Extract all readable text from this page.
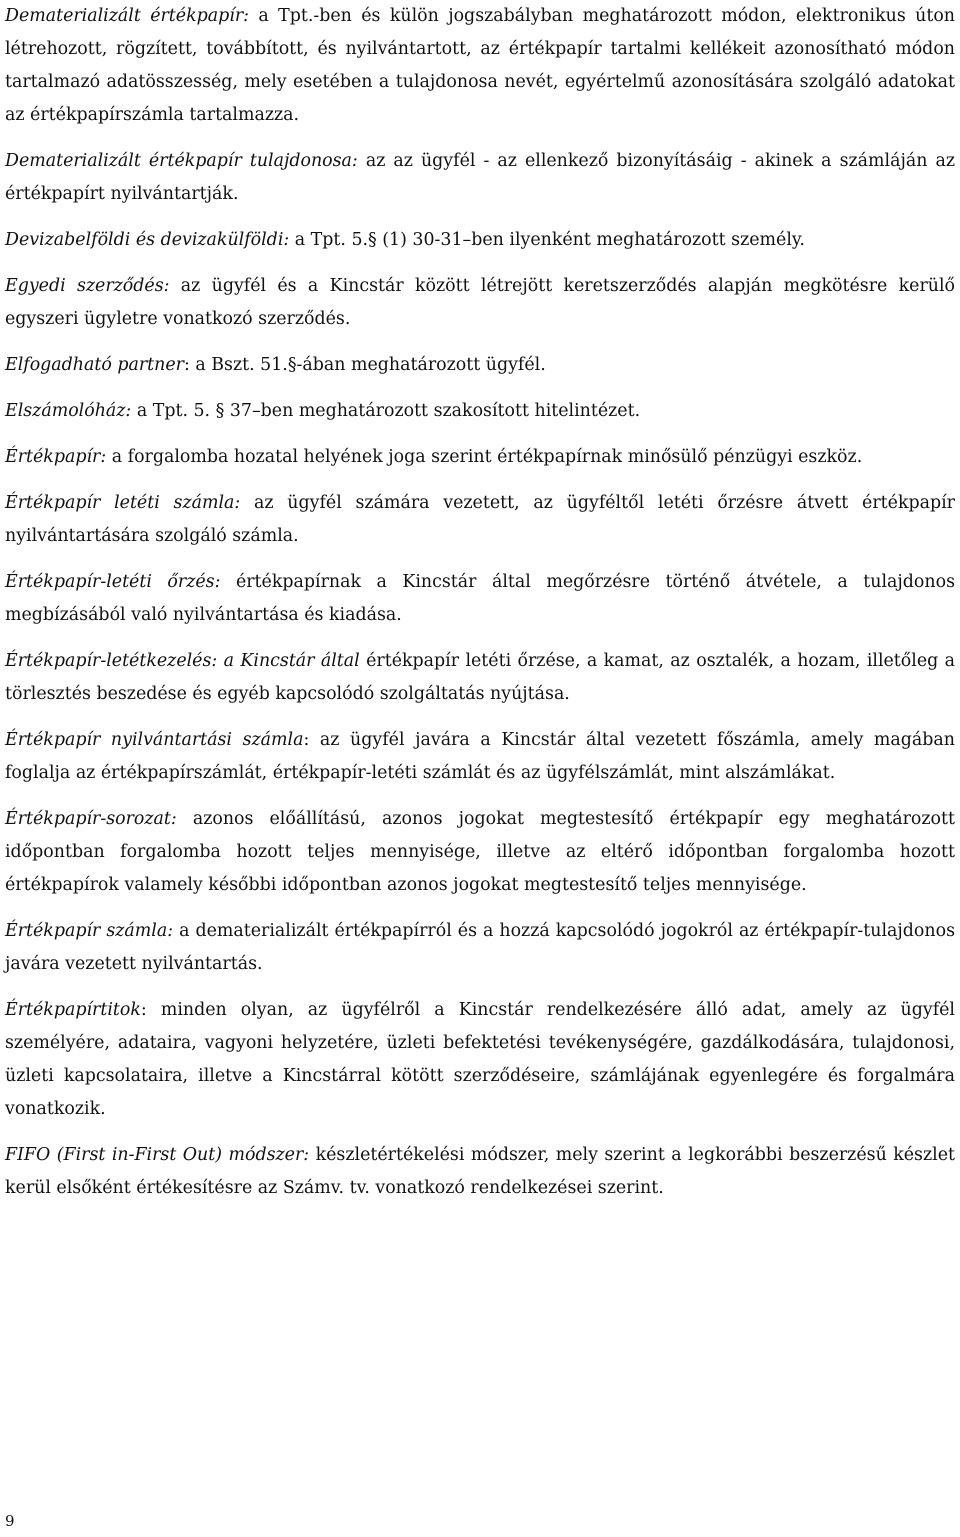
Dematerializált értékpapír: a Tpt.-ben és külön jogszabályban meghatározott módon, elektronikus úton létrehozott, rögzített, továbbított, és nyilvántartott, az értékpapír tartalmi kellékeit azonosítható módon tartalmazó adatösszesség, mely esetében a tulajdonosa nevét, egyértelmű azonosítására szolgáló adatokat az értékpapírszámla tartalmazza.

Dematerializált értékpapír tulajdonosa: az az ügyfél - az ellenkező bizonyításáig - akinek a számláján az értékpapírt nyilvántartják.

Devizabelföldi és devizakülföldi: a Tpt. 5.§ (1) 30-31–ben ilyenként meghatározott személy.

Egyedi szerződés: az ügyfél és a Kincstár között létrejött keretszerződés alapján megkötésre kerülő egyszeri ügyletre vonatkozó szerződés.

Elfogadható partner: a Bszt. 51.§-ában meghatározott ügyfél.

Elszámolóház: a Tpt. 5. § 37–ben meghatározott szakosított hitelintézet.

Értékpapír: a forgalomba hozatal helyének joga szerint értékpapírnak minősülő pénzügyi eszköz.

Értékpapír letéti számla: az ügyfél számára vezetett, az ügyféltől letéti őrzésre átvett értékpapír nyilvántartására szolgáló számla.

Értékpapír-letéti őrzés: értékpapírnak a Kincstár által megőrzésre történő átvétele, a tulajdonos megbízásából való nyilvántartása és kiadása.

Értékpapír-letétkezelés: a Kincstár által értékpapír letéti őrzése, a kamat, az osztalék, a hozam, illetőleg a törlesztés beszedése és egyéb kapcsolódó szolgáltatás nyújtása.

Értékpapír nyilvántartási számla: az ügyfél javára a Kincstár által vezetett főszámla, amely magában foglalja az értékpapírszámlát, értékpapír-letéti számlát és az ügyfélszámlát, mint alszámlákat.

Értékpapír-sorozat: azonos előállítású, azonos jogokat megtestesítő értékpapír egy meghatározott időpontban forgalomba hozott teljes mennyisége, illetve az eltérő időpontban forgalomba hozott értékpapírok valamely későbbi időpontban azonos jogokat megtestesítő teljes mennyisége.

Értékpapír számla: a dematerializált értékpapírról és a hozzá kapcsolódó jogokról az értékpapír-tulajdonos javára vezetett nyilvántartás.

Értékpapírtitok: minden olyan, az ügyfélről a Kincstár rendelkezésére álló adat, amely az ügyfél személyére, adataira, vagyoni helyzetére, üzleti befektetési tevékenységére, gazdálkodására, tulajdonosi, üzleti kapcsolataira, illetve a Kincstárral kötött szerződéseire, számlájának egyenlegére és forgalmára vonatkozik.

FIFO (First in-First Out) módszer: készletértékelési módszer, mely szerint a legkorábbi beszerzésű készlet kerül elsőként értékesítésre az Számv. tv. vonatkozó rendelkezései szerint.

9
